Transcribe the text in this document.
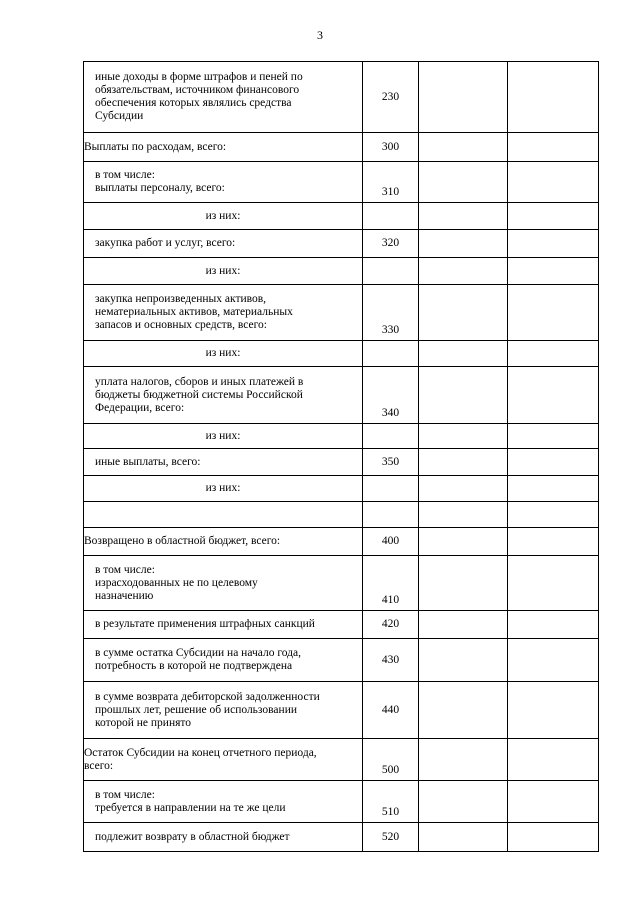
3
иные доходы в форме штрафов и пеней по
обязательствам, источником финансового
обеспечения которых являлись средства
Субсидии	230		

Выплаты по расходам, всего:	300		

в том числе:
выплаты персоналу, всего:	310		

из них:			

закупка работ и услуг, всего:	320		

из них:			

закупка непроизведенных активов,
нематериальных активов, материальных
запасов и основных средств, всего:	330		

из них:			

уплата налогов, сборов и иных платежей в
бюджеты бюджетной системы Российской
Федерации, всего:	340		

из них:			

иные выплаты, всего:	350		

из них:			

Возвращено в областной бюджет, всего:	400		

в том числе:
израсходованных не по целевому
назначению	410		

в результате применения штрафных санкций	420		

в сумме остатка Субсидии на начало года,
потребность в которой не подтверждена	430		

в сумме возврата дебиторской задолженности
прошлых лет, решение об использовании
которой не принято	440		

Остаток Субсидии на конец отчетного периода,
всего:	500		

в том числе:
требуется в направлении на те же цели	510		

подлежит возврату в областной бюджет	520		
